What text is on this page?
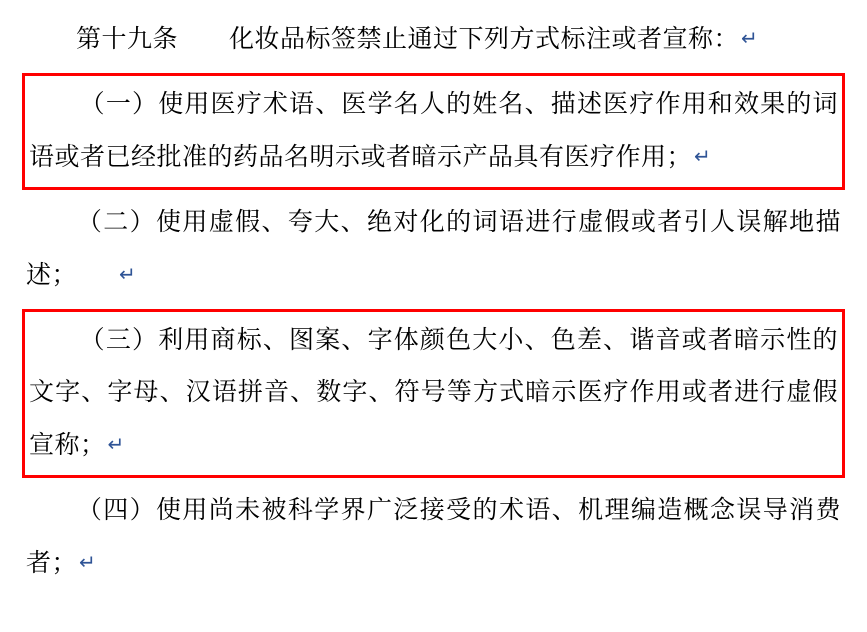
第十九条　　化妆品标签禁止通过下列方式标注或者宣称： ↵

（一）使用医疗术语、医学名人的姓名、描述医疗作用和效果的词语或者已经批准的药品名明示或者暗示产品具有医疗作用； ↵

（二）使用虚假、夸大、绝对化的词语进行虚假或者引人误解地描述； ↵

（三）利用商标、图案、字体颜色大小、色差、谐音或者暗示性的文字、字母、汉语拼音、数字、符号等方式暗示医疗作用或者进行虚假宣称； ↵

（四）使用尚未被科学界广泛接受的术语、机理编造概念误导消费者； ↵
